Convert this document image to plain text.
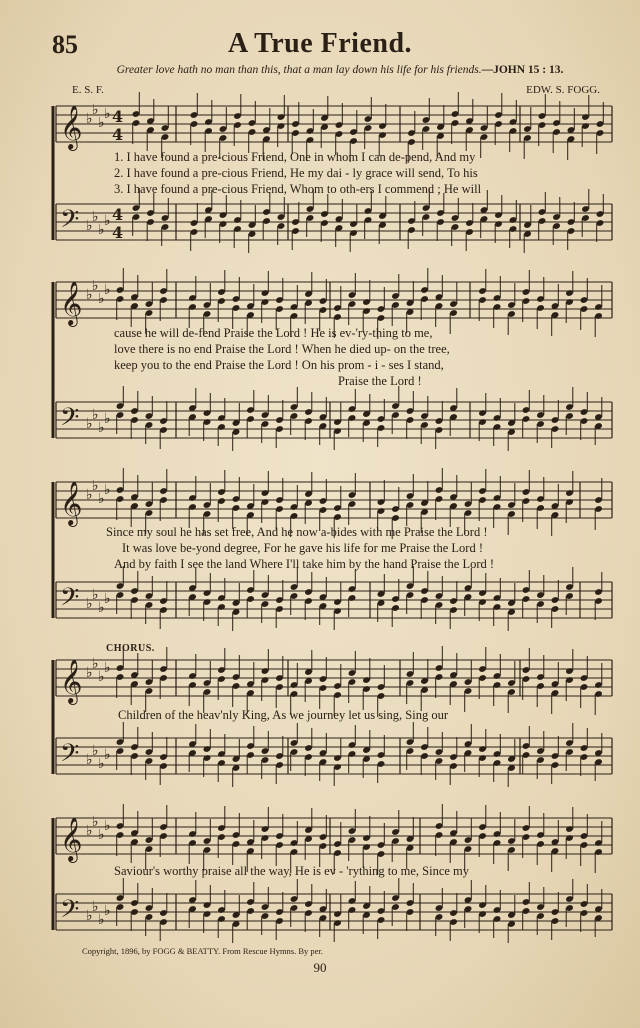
85	A True Friend.
Greater love hath no man than this, that a man lay down his life for his friends.—JOHN 15 : 13.
E. S. F.	EDW. S. FOGG.
𝄞
𝄢
♭
♭
♭
♭
♭
♭
♭
♭
4
4
4
4
𝄞
𝄢
♭
♭
♭
♭
♭
♭
♭
♭
𝄞
𝄢
♭
♭
♭
♭
♭
♭
♭
♭
𝄞
𝄢
♭
♭
♭
♭
♭
♭
♭
♭
𝄞
𝄢
♭
♭
♭
♭
♭
♭
♭
♭
1. I have found a pre-cious Friend, One in whom I can de-pend, And my
2. I have found a pre-cious Friend, He my dai - ly grace will send, To his
3. I have found a pre-cious Friend, Whom to oth-ers I commend ; He will
cause he will de-fend Praise the Lord ! He is ev-'ry-thing to me,
love there is no end Praise the Lord ! When he died up- on the tree,
keep you to the end Praise the Lord ! On his prom - i - ses I stand,
Praise the Lord !
Since my soul he has set free, And he now a-bides with me Praise the Lord !
It was love be-yond degree, For he gave his life for me Praise the Lord !
And by faith I see the land Where I'll take him by the hand Praise the Lord !
CHORUS.
Children of the heav'nly King, As we journey let us sing, Sing our
Saviour's worthy praise all the way, He is ev - 'rything to me, Since my
Copyright, 1896, by FOGG & BEATTY. From Rescue Hymns. By per.
90
